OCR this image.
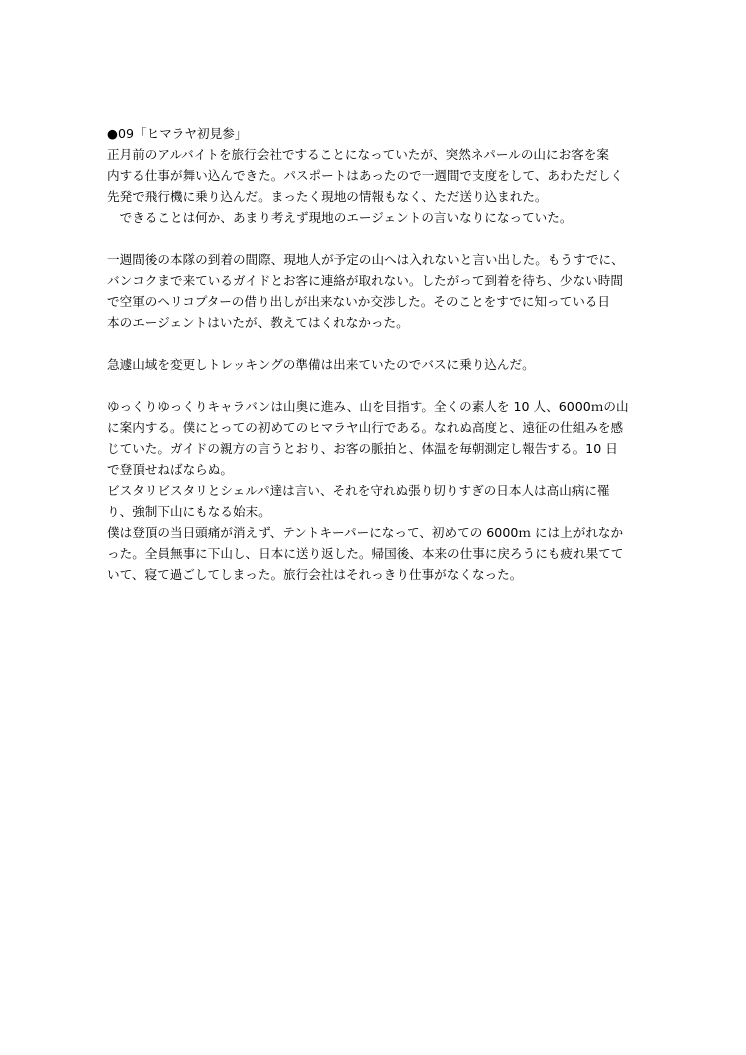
●09「ヒマラヤ初見参」
正月前のアルバイトを旅行会社ですることになっていたが、突然ネパールの山にお客を案
内する仕事が舞い込んできた。パスポートはあったので一週間で支度をして、あわただしく
先発で飛行機に乗り込んだ。まったく現地の情報もなく、ただ送り込まれた。
　できることは何か、あまり考えず現地のエージェントの言いなりになっていた。
一週間後の本隊の到着の間際、現地人が予定の山へは入れないと言い出した。もうすでに、
バンコクまで来ているガイドとお客に連絡が取れない。したがって到着を待ち、少ない時間
で空軍のヘリコプターの借り出しが出来ないか交渉した。そのことをすでに知っている日
本のエージェントはいたが、教えてはくれなかった。
急遽山域を変更しトレッキングの準備は出来ていたのでバスに乗り込んだ。
ゆっくりゆっくりキャラバンは山奥に進み、山を目指す。全くの素人を 10 人、6000ｍの山
に案内する。僕にとっての初めてのヒマラヤ山行である。なれぬ高度と、遠征の仕組みを感
じていた。ガイドの親方の言うとおり、お客の脈拍と、体温を毎朝測定し報告する。10 日
で登頂せねばならぬ。
ビスタリビスタリとシェルパ達は言い、それを守れぬ張り切りすぎの日本人は高山病に罹
り、強制下山にもなる始末。
僕は登頂の当日頭痛が消えず、テントキーパーになって、初めての 6000ｍ には上がれなか
った。全員無事に下山し、日本に送り返した。帰国後、本来の仕事に戻ろうにも疲れ果てて
いて、寝て過ごしてしまった。旅行会社はそれっきり仕事がなくなった。
